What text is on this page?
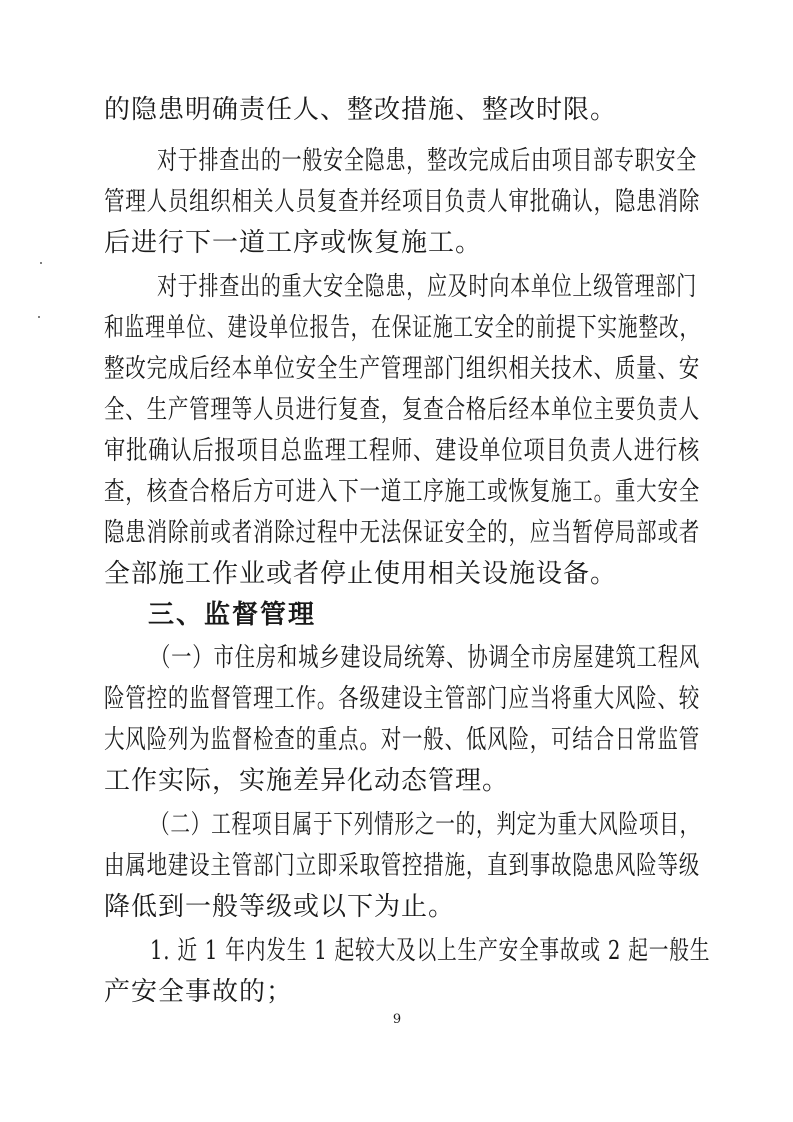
的隐患明确责任人、整改措施、整改时限。
对于排查出的一般安全隐患，整改完成后由项目部专职安全
管理人员组织相关人员复查并经项目负责人审批确认，隐患消除
后进行下一道工序或恢复施工。
对于排查出的重大安全隐患，应及时向本单位上级管理部门
和监理单位、建设单位报告，在保证施工安全的前提下实施整改，
整改完成后经本单位安全生产管理部门组织相关技术、质量、安
全、生产管理等人员进行复查，复查合格后经本单位主要负责人
审批确认后报项目总监理工程师、建设单位项目负责人进行核
查，核查合格后方可进入下一道工序施工或恢复施工。重大安全
隐患消除前或者消除过程中无法保证安全的，应当暂停局部或者
全部施工作业或者停止使用相关设施设备。
三、监督管理
（一）市住房和城乡建设局统筹、协调全市房屋建筑工程风
险管控的监督管理工作。各级建设主管部门应当将重大风险、较
大风险列为监督检查的重点。对一般、低风险，可结合日常监管
工作实际，实施差异化动态管理。
（二）工程项目属于下列情形之一的，判定为重大风险项目，
由属地建设主管部门立即采取管控措施，直到事故隐患风险等级
降低到一般等级或以下为止。
1. 近 1 年内发生 1 起较大及以上生产安全事故或 2 起一般生
产安全事故的；
9
